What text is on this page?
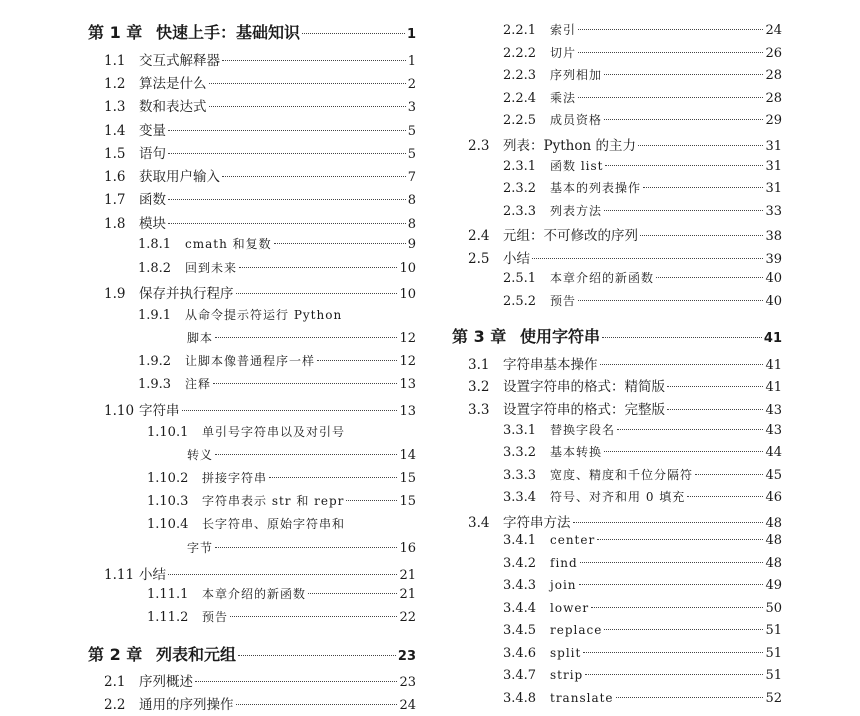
第 1 章 快速上手：基础知识	1
1.1	交互式解释器	1
1.2	算法是什么	2
1.3	数和表达式	3
1.4	变量	5
1.5	语句	5
1.6	获取用户输入	7
1.7	函数	8
1.8	模块	8
1.8.1	cmath 和复数	9
1.8.2	回到未来	10
1.9	保存并执行程序	10
1.9.1	从命令提示符运行 Python
脚本	12
1.9.2	让脚本像普通程序一样	12
1.9.3	注释	13
1.10 字符串	13
1.10.1	单引号字符串以及对引号
转义	14
1.10.2	拼接字符串	15
1.10.3	字符串表示 str 和 repr	15
1.10.4	长字符串、原始字符串和
字节	16
1.11 小结	21
1.11.1	本章介绍的新函数	21
1.11.2	预告	22
第 2 章 列表和元组	23
2.1	序列概述	23
2.2	通用的序列操作	24
2.2.1	索引	24
2.2.2	切片	26
2.2.3	序列相加	28
2.2.4	乘法	28
2.2.5	成员资格	29
2.3	列表：Python 的主力	31
2.3.1	函数 list	31
2.3.2	基本的列表操作	31
2.3.3	列表方法	33
2.4	元组：不可修改的序列	38
2.5	小结	39
2.5.1	本章介绍的新函数	40
2.5.2	预告	40
第 3 章 使用字符串	41
3.1	字符串基本操作	41
3.2	设置字符串的格式：精简版	41
3.3	设置字符串的格式：完整版	43
3.3.1	替换字段名	43
3.3.2	基本转换	44
3.3.3	宽度、精度和千位分隔符	45
3.3.4	符号、对齐和用 0 填充	46
3.4	字符串方法	48
3.4.1	center	48
3.4.2	find	48
3.4.3	join	49
3.4.4	lower	50
3.4.5	replace	51
3.4.6	split	51
3.4.7	strip	51
3.4.8	translate	52
